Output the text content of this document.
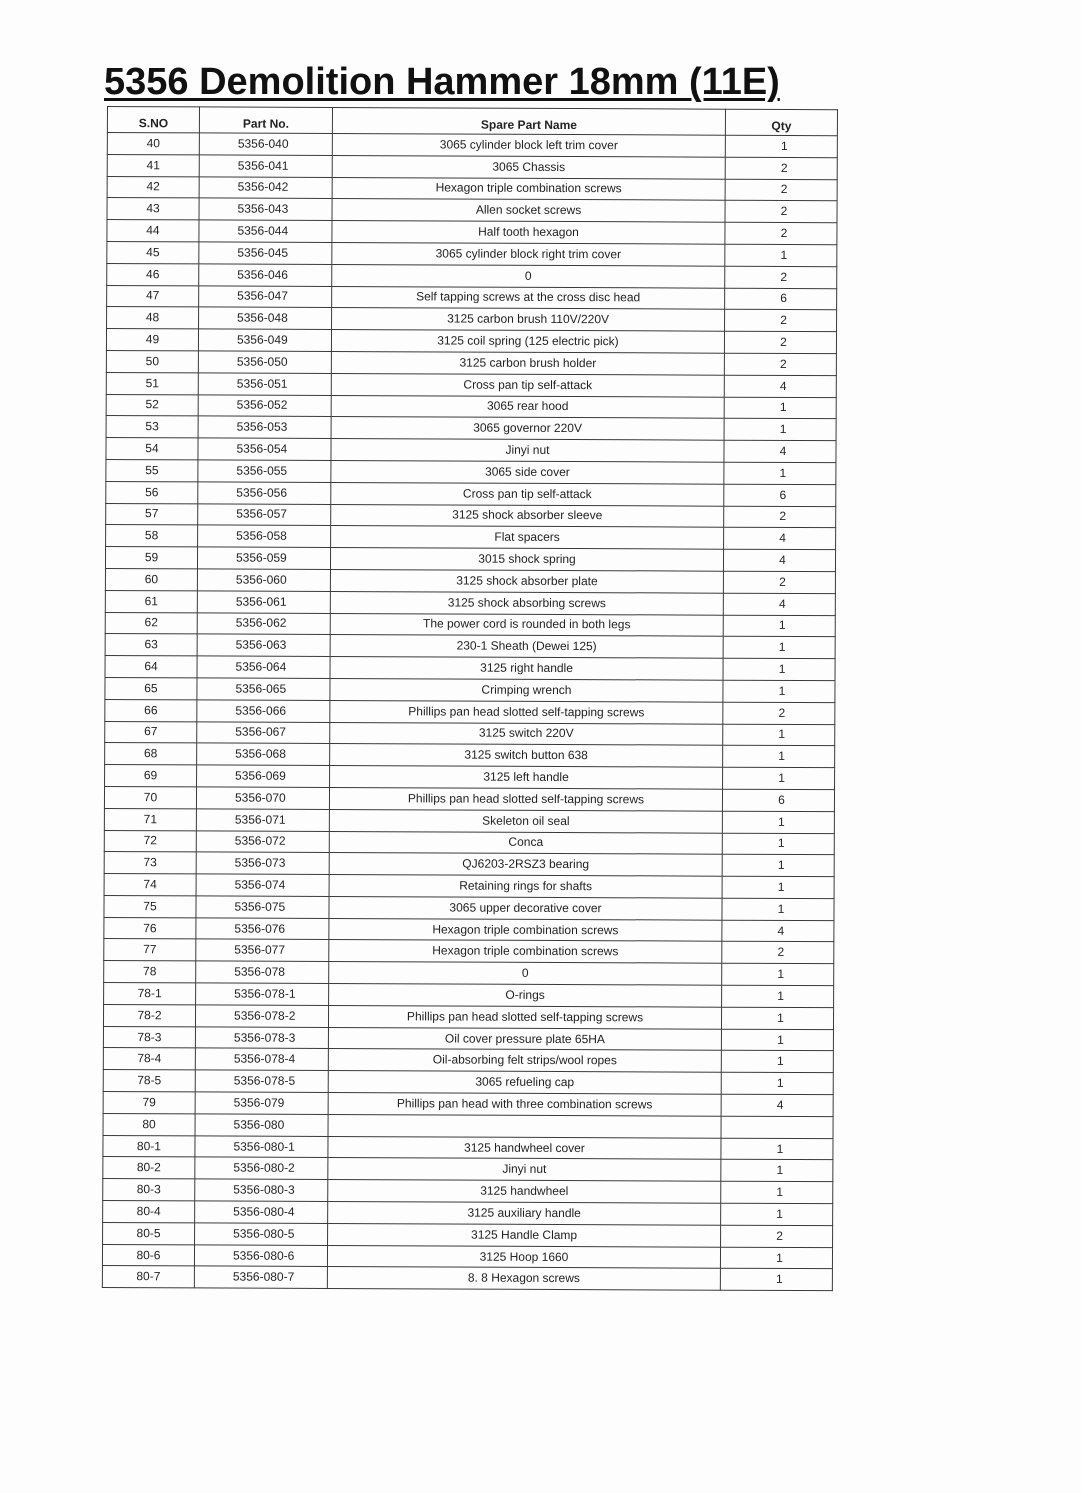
5356 Demolition Hammer 18mm (11E)
S.NO	Part No.	Spare Part Name	Qty
40	5356-040	3065 cylinder block left trim cover	1
41	5356-041	3065 Chassis	2
42	5356-042	Hexagon triple combination screws	2
43	5356-043	Allen socket screws	2
44	5356-044	Half tooth hexagon	2
45	5356-045	3065 cylinder block right trim cover	1
46	5356-046	0	2
47	5356-047	Self tapping screws at the cross disc head	6
48	5356-048	3125 carbon brush 110V/220V	2
49	5356-049	3125 coil spring (125 electric pick)	2
50	5356-050	3125 carbon brush holder	2
51	5356-051	Cross pan tip self-attack	4
52	5356-052	3065 rear hood	1
53	5356-053	3065 governor 220V	1
54	5356-054	Jinyi nut	4
55	5356-055	3065 side cover	1
56	5356-056	Cross pan tip self-attack	6
57	5356-057	3125 shock absorber sleeve	2
58	5356-058	Flat spacers	4
59	5356-059	3015 shock spring	4
60	5356-060	3125 shock absorber plate	2
61	5356-061	3125 shock absorbing screws	4
62	5356-062	The power cord is rounded in both legs	1
63	5356-063	230-1 Sheath (Dewei 125)	1
64	5356-064	3125 right handle	1
65	5356-065	Crimping wrench	1
66	5356-066	Phillips pan head slotted self-tapping screws	2
67	5356-067	3125 switch 220V	1
68	5356-068	3125 switch button 638	1
69	5356-069	3125 left handle	1
70	5356-070	Phillips pan head slotted self-tapping screws	6
71	5356-071	Skeleton oil seal	1
72	5356-072	Conca	1
73	5356-073	QJ6203-2RSZ3 bearing	1
74	5356-074	Retaining rings for shafts	1
75	5356-075	3065 upper decorative cover	1
76	5356-076	Hexagon triple combination screws	4
77	5356-077	Hexagon triple combination screws	2
78	5356-078	0	1
78-1	5356-078-1	O-rings	1
78-2	5356-078-2	Phillips pan head slotted self-tapping screws	1
78-3	5356-078-3	Oil cover pressure plate 65HA	1
78-4	5356-078-4	Oil-absorbing felt strips/wool ropes	1
78-5	5356-078-5	3065 refueling cap	1
79	5356-079	Phillips pan head with three combination screws	4
80	5356-080		
80-1	5356-080-1	3125 handwheel cover	1
80-2	5356-080-2	Jinyi nut	1
80-3	5356-080-3	3125 handwheel	1
80-4	5356-080-4	3125 auxiliary handle	1
80-5	5356-080-5	3125 Handle Clamp	2
80-6	5356-080-6	3125 Hoop 1660	1
80-7	5356-080-7	8. 8 Hexagon screws	1
